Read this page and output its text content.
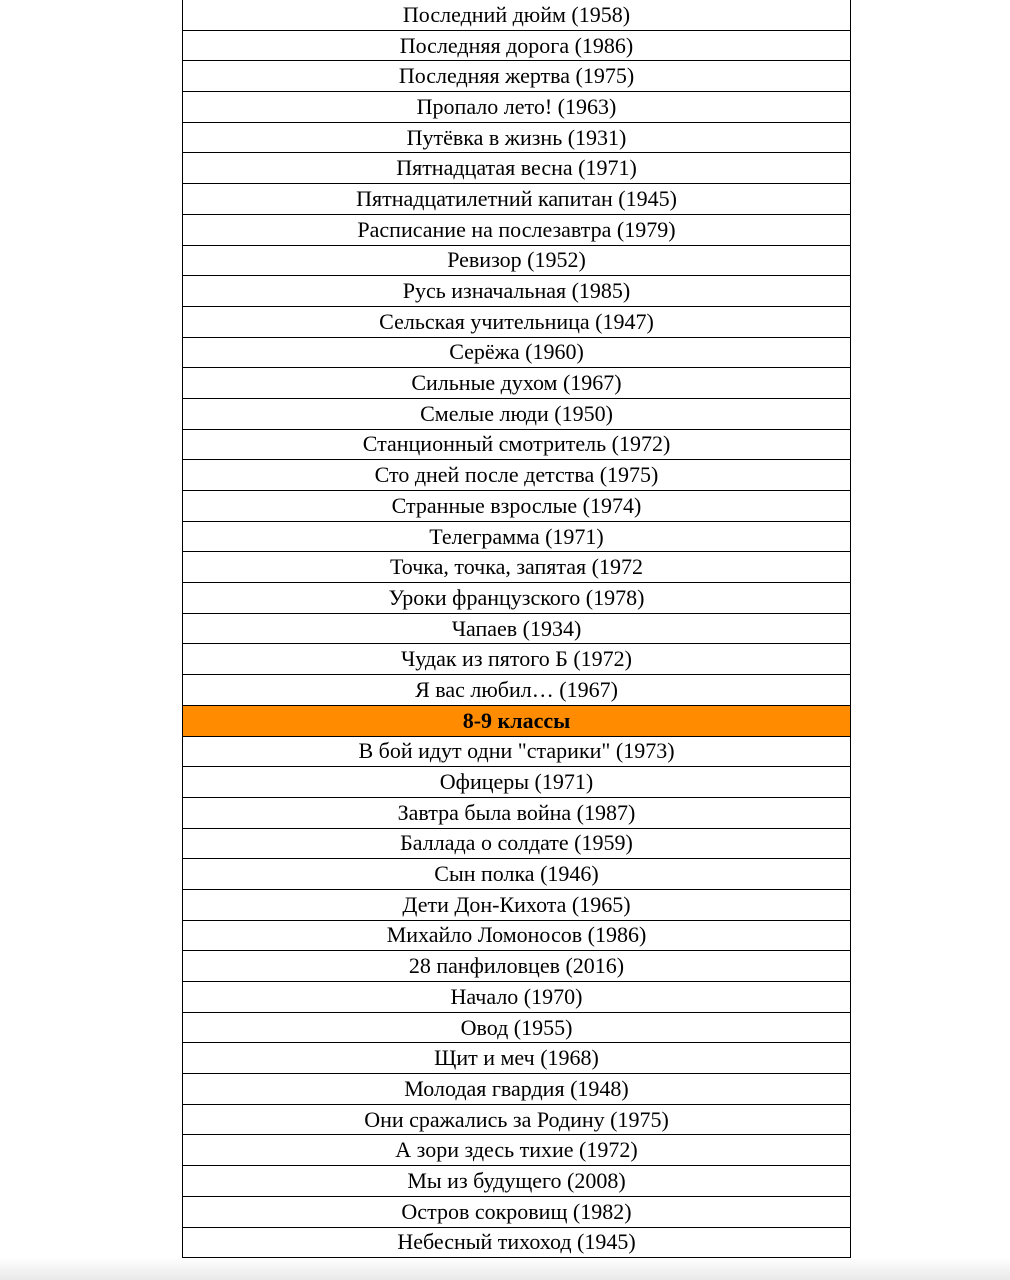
Последний дюйм (1958)
Последняя дорога (1986)
Последняя жертва (1975)
Пропало лето! (1963)
Путёвка в жизнь (1931)
Пятнадцатая весна (1971)
Пятнадцатилетний капитан (1945)
Расписание на послезавтра (1979)
Ревизор (1952)
Русь изначальная (1985)
Сельская учительница (1947)
Серёжа (1960)
Сильные духом (1967)
Смелые люди (1950)
Станционный смотритель (1972)
Сто дней после детства (1975)
Странные взрослые (1974)
Телеграмма (1971)
Точка, точка, запятая (1972
Уроки французского (1978)
Чапаев (1934)
Чудак из пятого Б (1972)
Я вас любил… (1967)
8-9 классы
В бой идут одни "старики" (1973)
Офицеры (1971)
Завтра была война (1987)
Баллада о солдате (1959)
Сын полка (1946)
Дети Дон-Кихота (1965)
Михайло Ломоносов (1986)
28 панфиловцев (2016)
Начало (1970)
Овод (1955)
Щит и меч (1968)
Молодая гвардия (1948)
Они сражались за Родину (1975)
А зори здесь тихие (1972)
Мы из будущего (2008)
Остров сокровищ (1982)
Небесный тихоход (1945)
